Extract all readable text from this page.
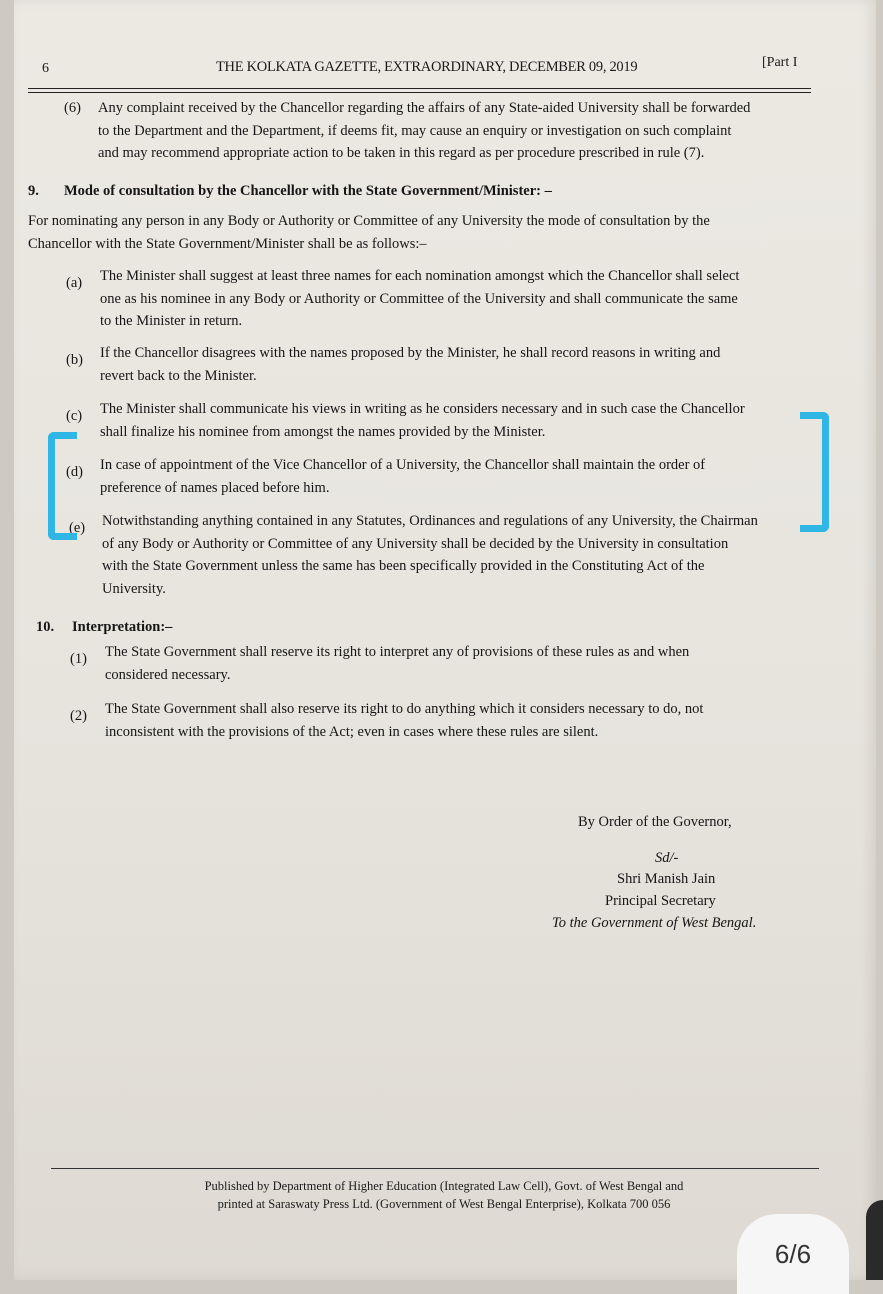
6	THE KOLKATA GAZETTE, EXTRAORDINARY, DECEMBER 09, 2019	[Part I
(6) Any complaint received by the Chancellor regarding the affairs of any State-aided University shall be forwarded
to the Department and the Department, if deems fit, may cause an enquiry or investigation on such complaint
and may recommend appropriate action to be taken in this regard as per procedure prescribed in rule (7).
9. Mode of consultation by the Chancellor with the State Government/Minister: –
For nominating any person in any Body or Authority or Committee of any University the mode of consultation by the
Chancellor with the State Government/Minister shall be as follows:–
(a) The Minister shall suggest at least three names for each nomination amongst which the Chancellor shall select
one as his nominee in any Body or Authority or Committee of the University and shall communicate the same
to the Minister in return.
(b) If the Chancellor disagrees with the names proposed by the Minister, he shall record reasons in writing and
revert back to the Minister.
(c) The Minister shall communicate his views in writing as he considers necessary and in such case the Chancellor
shall finalize his nominee from amongst the names provided by the Minister.
(d) In case of appointment of the Vice Chancellor of a University, the Chancellor shall maintain the order of
preference of names placed before him.
(e) Notwithstanding anything contained in any Statutes, Ordinances and regulations of any University, the Chairman
of any Body or Authority or Committee of any University shall be decided by the University in consultation
with the State Government unless the same has been specifically provided in the Constituting Act of the
University.
10. Interpretation:–
(1) The State Government shall reserve its right to interpret any of provisions of these rules as and when
considered necessary.
(2) The State Government shall also reserve its right to do anything which it considers necessary to do, not
inconsistent with the provisions of the Act; even in cases where these rules are silent.
By Order of the Governor,
Sd/-
Shri Manish Jain
Principal Secretary
To the Government of West Bengal.
Published by Department of Higher Education (Integrated Law Cell), Govt. of West Bengal and
printed at Saraswaty Press Ltd. (Government of West Bengal Enterprise), Kolkata 700 056
6/6
